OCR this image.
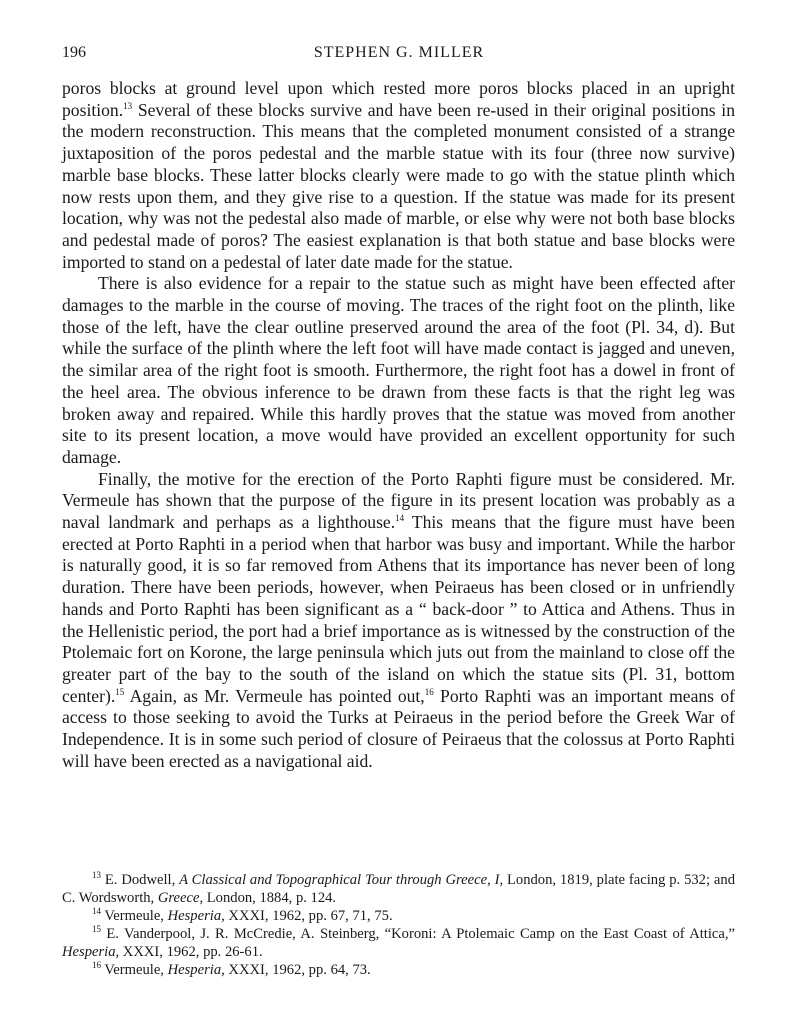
196	STEPHEN G. MILLER

poros blocks at ground level upon which rested more poros blocks placed in an upright position.$^{13}$ Several of these blocks survive and have been re-used in their original positions in the modern reconstruction. This means that the completed monument consisted of a strange juxtaposition of the poros pedestal and the marble statue with its four (three now survive) marble base blocks. These latter blocks clearly were made to go with the statue plinth which now rests upon them, and they give rise to a question. If the statue was made for its present location, why was not the pedestal also made of marble, or else why were not both base blocks and pedestal made of poros? The easiest explanation is that both statue and base blocks were imported to stand on a pedestal of later date made for the statue.

There is also evidence for a repair to the statue such as might have been effected after damages to the marble in the course of moving. The traces of the right foot on the plinth, like those of the left, have the clear outline preserved around the area of the foot (Pl. 34, d). But while the surface of the plinth where the left foot will have made contact is jagged and uneven, the similar area of the right foot is smooth. Furthermore, the right foot has a dowel in front of the heel area. The obvious inference to be drawn from these facts is that the right leg was broken away and repaired. While this hardly proves that the statue was moved from another site to its present location, a move would have provided an excellent opportunity for such damage.

Finally, the motive for the erection of the Porto Raphti figure must be considered. Mr. Vermeule has shown that the purpose of the figure in its present location was probably as a naval landmark and perhaps as a lighthouse.$^{14}$ This means that the figure must have been erected at Porto Raphti in a period when that harbor was busy and important. While the harbor is naturally good, it is so far removed from Athens that its importance has never been of long duration. There have been periods, however, when Peiraeus has been closed or in unfriendly hands and Porto Raphti has been significant as a “ back-door ” to Attica and Athens. Thus in the Hellenistic period, the port had a brief importance as is witnessed by the construction of the Ptolemaic fort on Korone, the large peninsula which juts out from the mainland to close off the greater part of the bay to the south of the island on which the statue sits (Pl. 31, bottom center).$^{15}$ Again, as Mr. Vermeule has pointed out,$^{16}$ Porto Raphti was an important means of access to those seeking to avoid the Turks at Peiraeus in the period before the Greek War of Independence. It is in some such period of closure of Peiraeus that the colossus at Porto Raphti will have been erected as a navigational aid.

$^{13}$ E. Dodwell, A Classical and Topographical Tour through Greece, I, London, 1819, plate facing p. 532; and C. Wordsworth, Greece, London, 1884, p. 124.

$^{14}$ Vermeule, Hesperia, XXXI, 1962, pp. 67, 71, 75.

$^{15}$ E. Vanderpool, J. R. McCredie, A. Steinberg, “Koroni: A Ptolemaic Camp on the East Coast of Attica,” Hesperia, XXXI, 1962, pp. 26-61.

$^{16}$ Vermeule, Hesperia, XXXI, 1962, pp. 64, 73.
